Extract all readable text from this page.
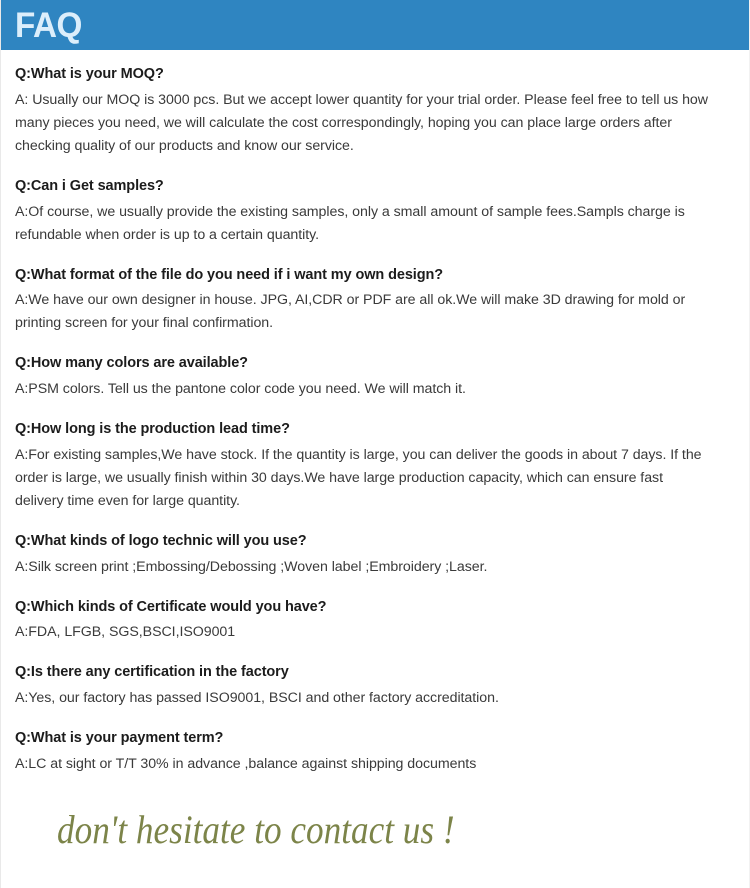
FAQ

Q:What is your MOQ?

A: Usually our MOQ is 3000 pcs. But we accept lower quantity for your trial order. Please feel free to tell us how many pieces you need, we will calculate the cost correspondingly, hoping you can place large orders after checking quality of our products and know our service.

Q:Can i Get samples?

A:Of course, we usually provide the existing samples, only a small amount of sample fees.Sampls charge is refundable when order is up to a certain quantity.

Q:What format of the file do you need if i want my own design?

A:We have our own designer in house. JPG, AI,CDR or PDF are all ok.We will make 3D drawing for mold or printing screen for your final confirmation.

Q:How many colors are available?

A:PSM colors. Tell us the pantone color code you need. We will match it.

Q:How long is the production lead time?

A:For existing samples,We have stock. If the quantity is large, you can deliver the goods in about 7 days. If the order is large, we usually finish within 30 days.We have large production capacity, which can ensure fast delivery time even for large quantity.

Q:What kinds of logo technic will you use?

A:Silk screen print ;Embossing/Debossing ;Woven label ;Embroidery ;Laser.

Q:Which kinds of Certificate would you have?

A:FDA, LFGB, SGS,BSCI,ISO9001

Q:Is there any certification in the factory

A:Yes, our factory has passed ISO9001, BSCI and other factory accreditation.

Q:What is your payment term?

A:LC at sight or T/T 30% in advance ,balance against shipping documents

don't hesitate to contact us !
